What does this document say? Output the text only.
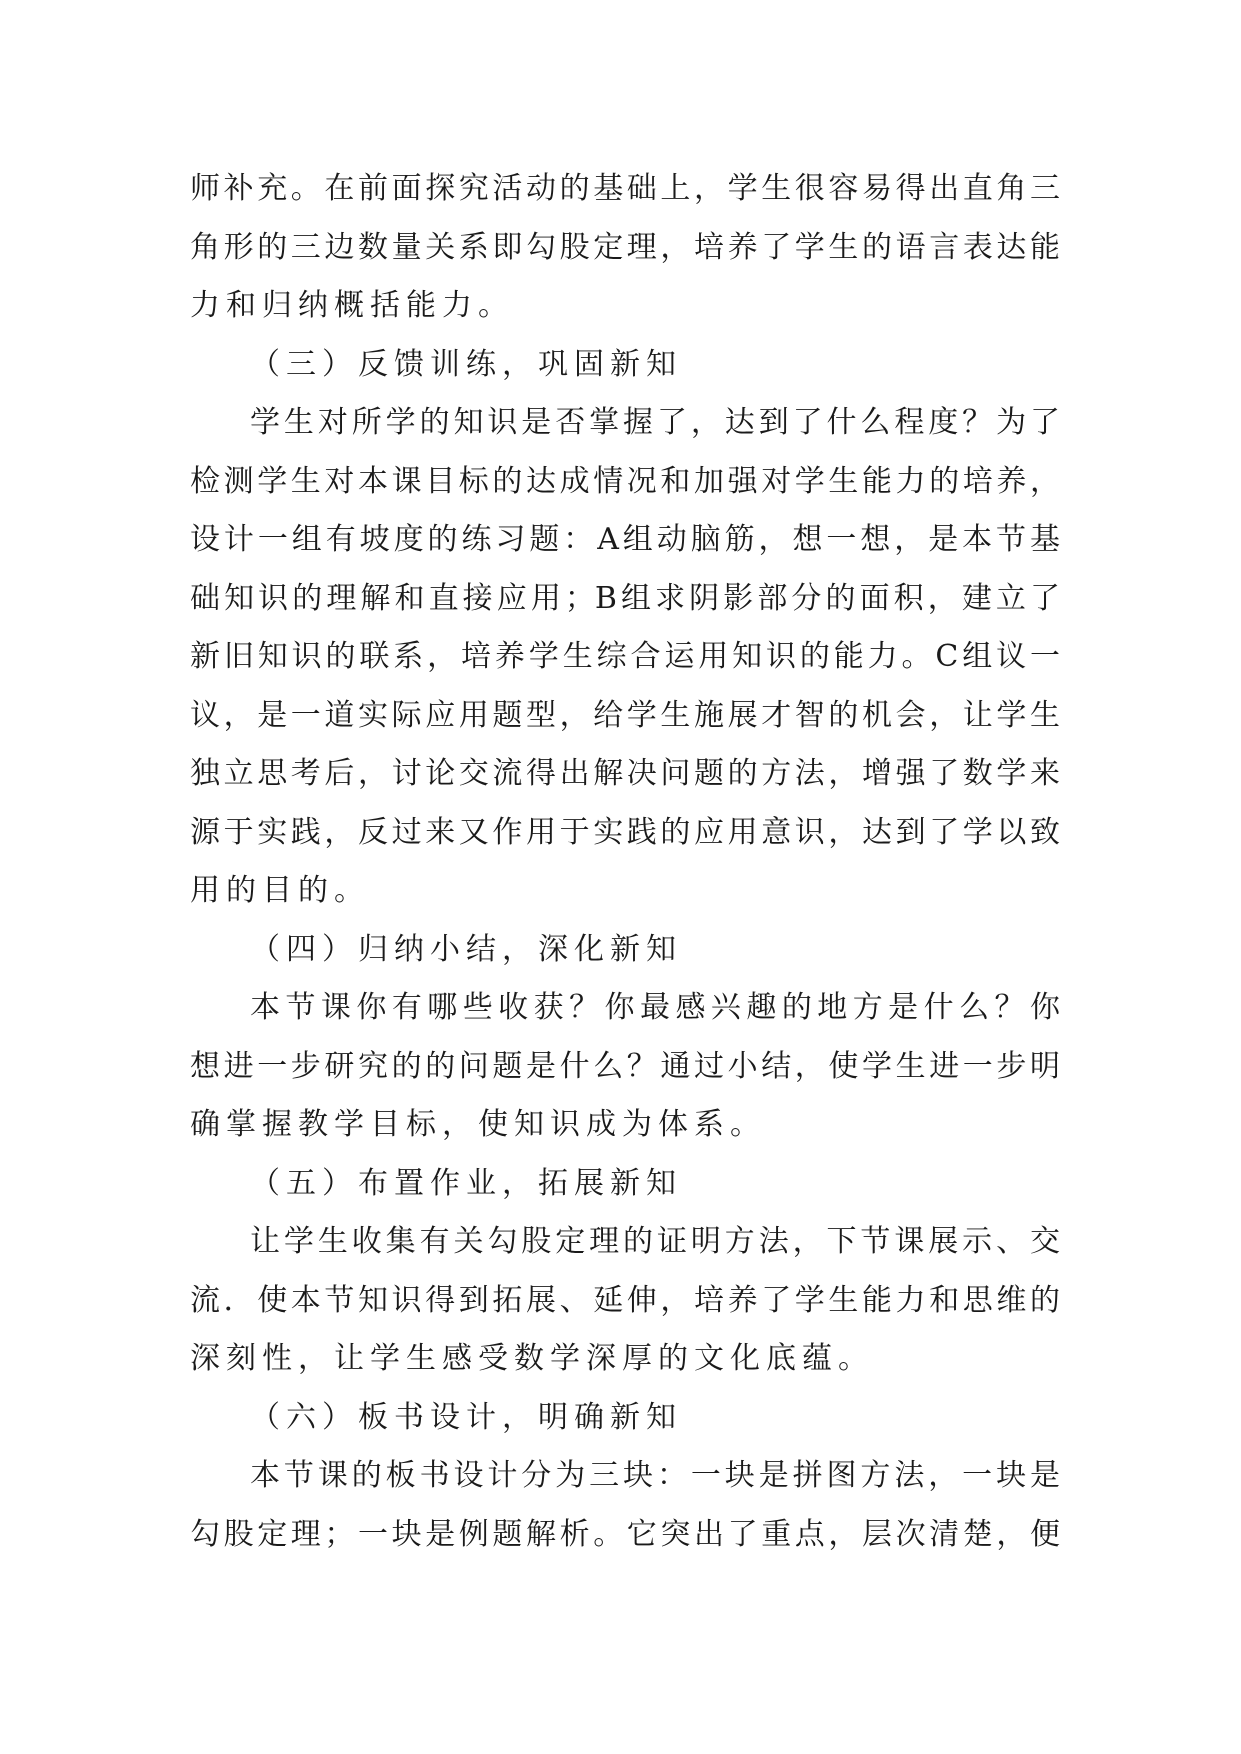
师补充。在前面探究活动的基础上，学生很容易得出直角三
角形的三边数量关系即勾股定理，培养了学生的语言表达能
力和归纳概括能力。
（三）反馈训练，巩固新知
学生对所学的知识是否掌握了，达到了什么程度？为了
检测学生对本课目标的达成情况和加强对学生能力的培养，
设计一组有坡度的练习题：A组动脑筋，想一想，是本节基
础知识的理解和直接应用；B组求阴影部分的面积，建立了
新旧知识的联系，培养学生综合运用知识的能力。C组议一
议，是一道实际应用题型，给学生施展才智的机会，让学生
独立思考后，讨论交流得出解决问题的方法，增强了数学来
源于实践，反过来又作用于实践的应用意识，达到了学以致
用的目的。
（四）归纳小结，深化新知
本节课你有哪些收获？你最感兴趣的地方是什么？你
想进一步研究的的问题是什么？通过小结，使学生进一步明
确掌握教学目标，使知识成为体系。
（五）布置作业，拓展新知
让学生收集有关勾股定理的证明方法，下节课展示、交
流．使本节知识得到拓展、延伸，培养了学生能力和思维的
深刻性，让学生感受数学深厚的文化底蕴。
（六）板书设计，明确新知
本节课的板书设计分为三块：一块是拼图方法，一块是
勾股定理；一块是例题解析。它突出了重点，层次清楚，便
